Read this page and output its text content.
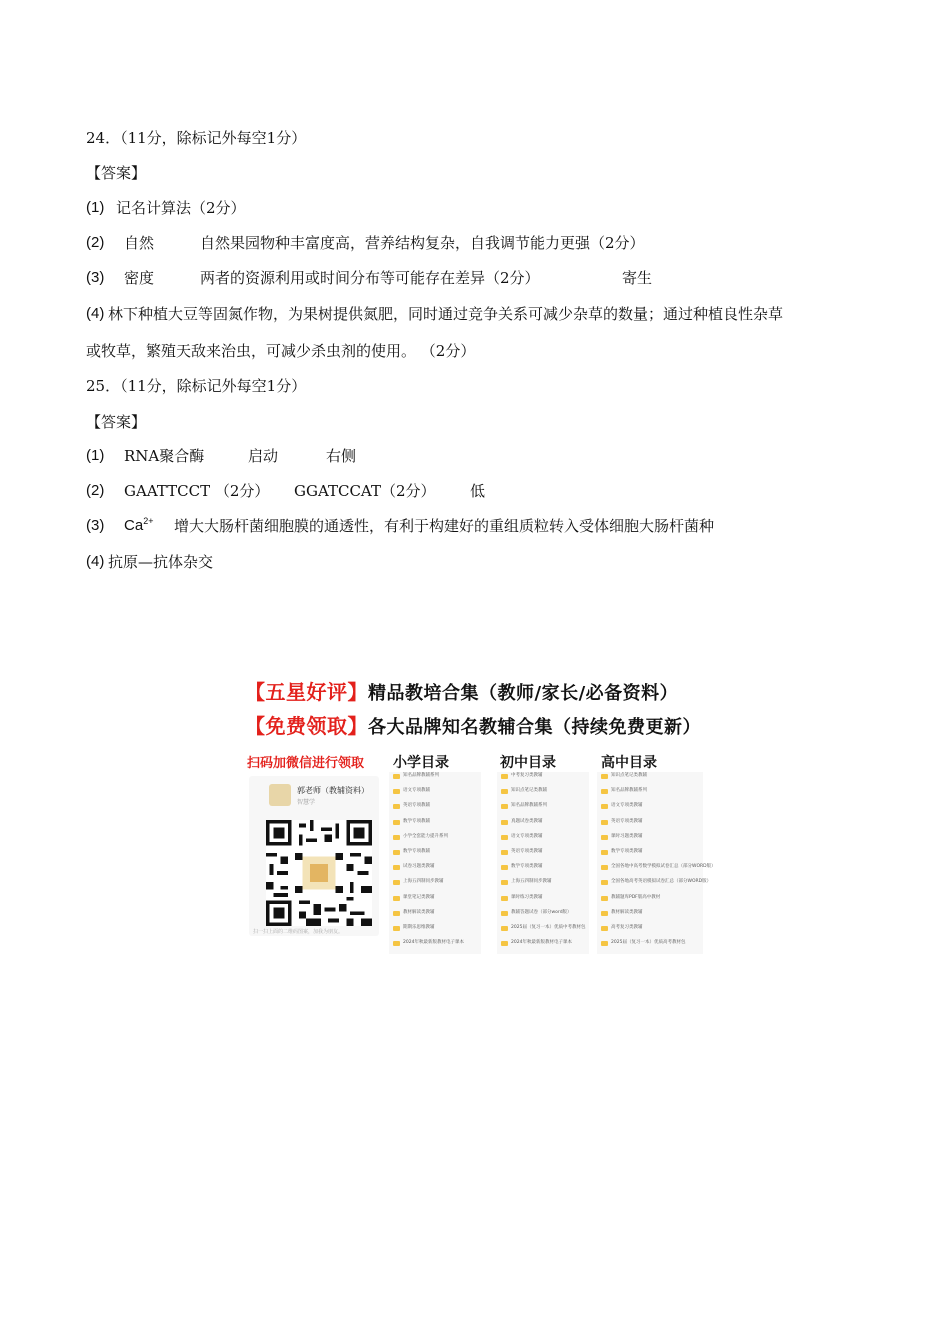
24．（11分，除标记外每空1分）
【答案】
(1) 记名计算法（2分）
(2) 自然	自然果园物种丰富度高，营养结构复杂，自我调节能力更强（2分）
(3) 密度	两者的资源利用或时间分布等可能存在差异（2分）	寄生
(4) 林下种植大豆等固氮作物，为果树提供氮肥，同时通过竞争关系可减少杂草的数量；通过种植良性杂草
或牧草，繁殖天敌来治虫，可减少杀虫剂的使用。 （2分）
25．（11分，除标记外每空1分）
【答案】
(1) RNA聚合酶	启动	右侧
(2) GAATTCCT （2分） GGATCCAT（2分） 低
(3) $Ca^{2+}$ 增大大肠杆菌细胞膜的通透性，有利于构建好的重组质粒转入受体细胞大肠杆菌种
(4) 抗原—抗体杂交
【五星好评】精品教培合集（教师/家长/必备资料）
【免费领取】各大品牌知名教辅合集（持续免费更新）
扫码加微信进行领取
郭老师（教辅资料）
智慧学
扫一扫上面的二维码图案，加我为朋友。
小学目录
知名品牌教辅系列
语文专项教辅
英语专项教辅
数学专项教辅
小学全套能力提升系列
数学专项教辅
试卷习题类教辅
上海五四制同步教辅
课堂笔记类教辅
教材解读类教辅
期期乐思维教辅
2024年秋最新版教材电子课本
初中目录
中考复习类教辅
知识点笔记类教辅
知名品牌教辅系列
真题试卷类教辅
语文专项类教辅
英语专项类教辅
数学专项类教辅
上海五四制同步教辅
课时练习类教辅
教辅答题试卷（部分word版）
2025届（复习一本）优质中考教材包
2024年秋最新版教材电子课本
高中目录
知识点笔记类教辅
知名品牌教辅系列
语文专项类教辅
英语专项类教辅
课时习题类教辅
数学专项类教辅
全国各地中高考数学模拟试卷汇总（部分WORD版）
全国各地高考英语模拟试卷汇总（部分WORD版）
教辅题库PDF版高中教材
教材解读类教辅
高考复习类教辅
2025届（复习一本）优质高考教材包
